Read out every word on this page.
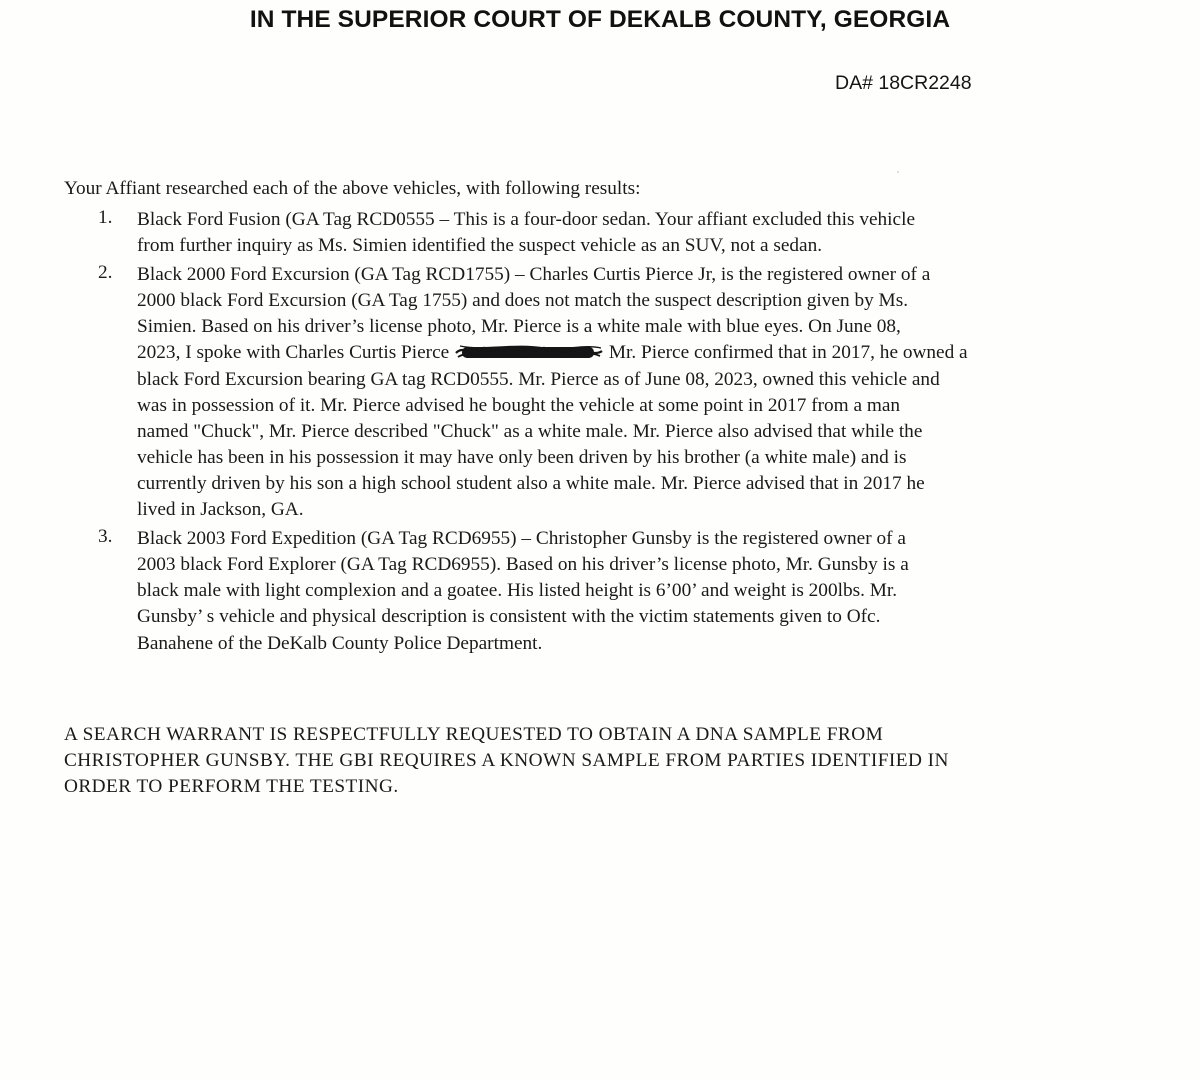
IN THE SUPERIOR COURT OF DEKALB COUNTY, GEORGIA
DA# 18CR2248
Your Affiant researched each of the above vehicles, with following results:
1. Black Ford Fusion (GA Tag RCD0555 – This is a four-door sedan. Your affiant excluded this vehicle
from further inquiry as Ms. Simien identified the suspect vehicle as an SUV, not a sedan.
2. Black 2000 Ford Excursion (GA Tag RCD1755) – Charles Curtis Pierce Jr, is the registered owner of a
2000 black Ford Excursion (GA Tag 1755) and does not match the suspect description given by Ms.
Simien. Based on his driver’s license photo, Mr. Pierce is a white male with blue eyes. On June 08,
2023, I spoke with Charles Curtis Pierce	Mr. Pierce confirmed that in 2017, he owned a
black Ford Excursion bearing GA tag RCD0555. Mr. Pierce as of June 08, 2023, owned this vehicle and
was in possession of it. Mr. Pierce advised he bought the vehicle at some point in 2017 from a man
named "Chuck", Mr. Pierce described "Chuck" as a white male. Mr. Pierce also advised that while the
vehicle has been in his possession it may have only been driven by his brother (a white male) and is
currently driven by his son a high school student also a white male. Mr. Pierce advised that in 2017 he
lived in Jackson, GA.
3. Black 2003 Ford Expedition (GA Tag RCD6955) – Christopher Gunsby is the registered owner of a
2003 black Ford Explorer (GA Tag RCD6955). Based on his driver’s license photo, Mr. Gunsby is a
black male with light complexion and a goatee. His listed height is 6’00’ and weight is 200lbs. Mr.
Gunsby’ s vehicle and physical description is consistent with the victim statements given to Ofc.
Banahene of the DeKalb County Police Department.
A SEARCH WARRANT IS RESPECTFULLY REQUESTED TO OBTAIN A DNA SAMPLE FROM
CHRISTOPHER GUNSBY. THE GBI REQUIRES A KNOWN SAMPLE FROM PARTIES IDENTIFIED IN
ORDER TO PERFORM THE TESTING.
